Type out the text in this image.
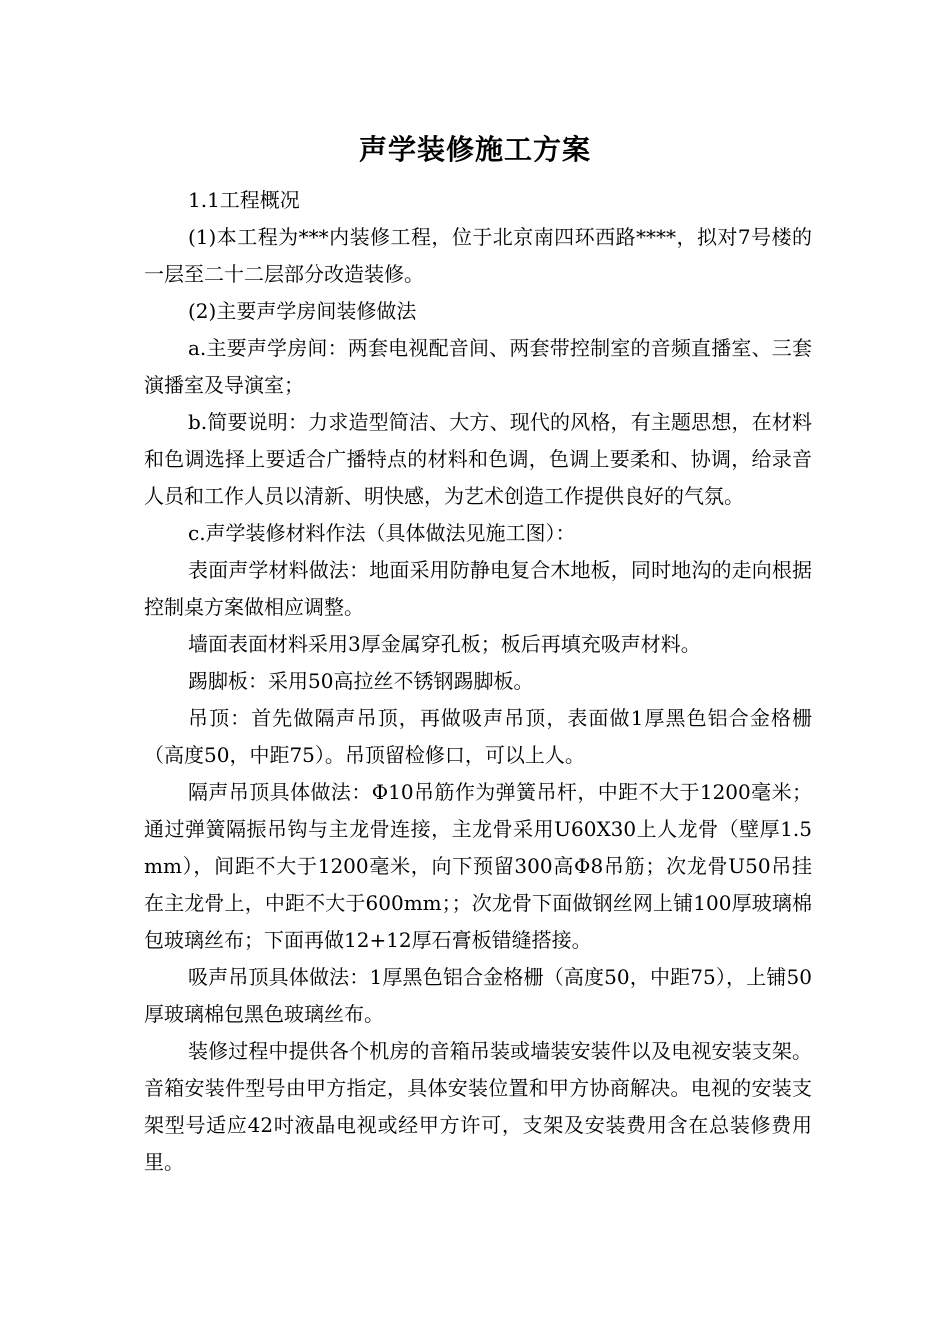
声学装修施工方案

1.1工程概况

(1)本工程为***内装修工程，位于北京南四环西路****，拟对7号楼的一层至二十二层部分改造装修。

(2)主要声学房间装修做法

a.主要声学房间：两套电视配音间、两套带控制室的音频直播室、三套演播室及导演室；

b.简要说明：力求造型简洁、大方、现代的风格，有主题思想，在材料和色调选择上要适合广播特点的材料和色调，色调上要柔和、协调，给录音人员和工作人员以清新、明快感，为艺术创造工作提供良好的气氛。

c.声学装修材料作法（具体做法见施工图）：

表面声学材料做法：地面采用防静电复合木地板，同时地沟的走向根据控制桌方案做相应调整。

墙面表面材料采用3厚金属穿孔板；板后再填充吸声材料。

踢脚板：采用50高拉丝不锈钢踢脚板。

吊顶：首先做隔声吊顶，再做吸声吊顶，表面做1厚黑色铝合金格栅（高度50，中距75）。吊顶留检修口，可以上人。

隔声吊顶具体做法：Φ10吊筋作为弹簧吊杆，中距不大于1200毫米；通过弹簧隔振吊钩与主龙骨连接，主龙骨采用U60X30上人龙骨（壁厚1.5mm），间距不大于1200毫米，向下预留300高Φ8吊筋；次龙骨U50吊挂在主龙骨上，中距不大于600mm；；次龙骨下面做钢丝网上铺100厚玻璃棉包玻璃丝布；下面再做12+12厚石膏板错缝搭接。

吸声吊顶具体做法：1厚黑色铝合金格栅（高度50，中距75），上铺50厚玻璃棉包黑色玻璃丝布。

装修过程中提供各个机房的音箱吊装或墙装安装件以及电视安装支架。音箱安装件型号由甲方指定，具体安装位置和甲方协商解决。电视的安装支架型号适应42吋液晶电视或经甲方许可，支架及安装费用含在总装修费用里。
